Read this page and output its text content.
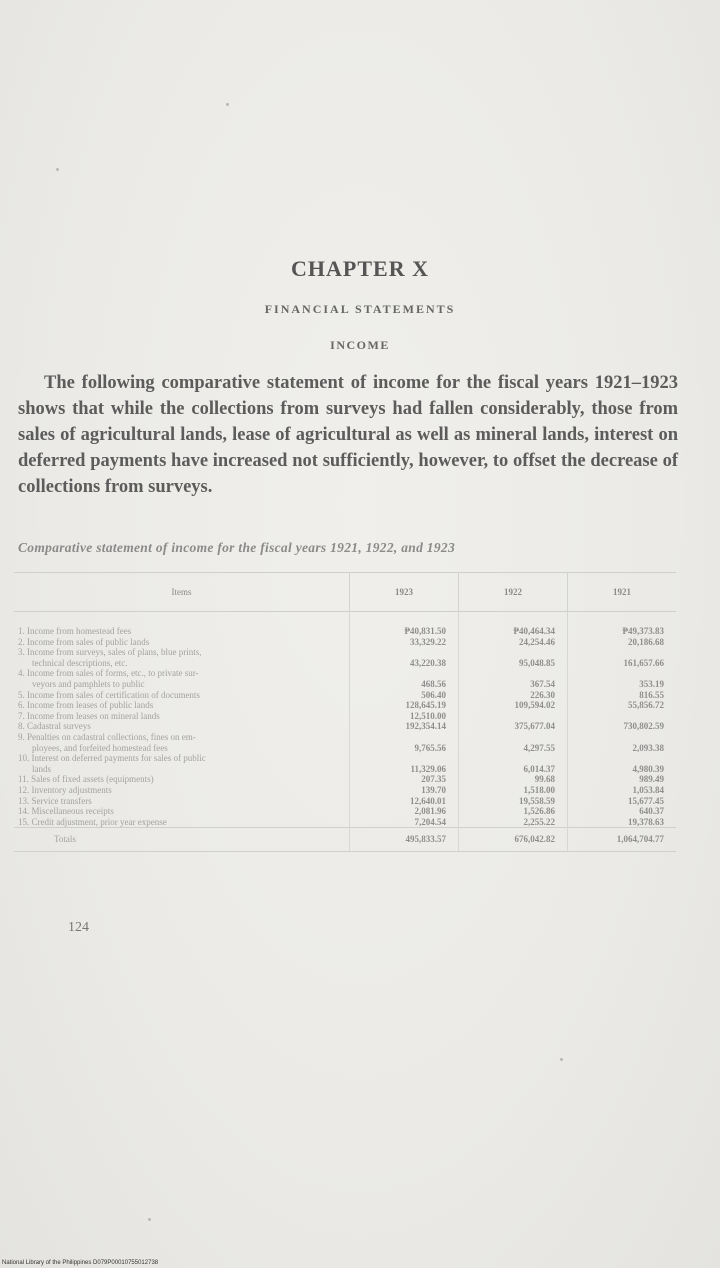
CHAPTER X
FINANCIAL STATEMENTS
INCOME
The following comparative statement of income for the fiscal years 1921–1923 shows that while the collections from surveys had fallen considerably, those from sales of agricultural lands, lease of agricultural as well as mineral lands, interest on deferred payments have increased not sufficiently, however, to offset the decrease of collections from surveys.
Comparative statement of income for the fiscal years 1921, 1922, and 1923
Items	1923	1922	1921

1. Income from homestead fees	₱40,831.50	₱40,464.34	₱49,373.83

2. Income from sales of public lands	33,329.22	24,254.46	20,186.68

3. Income from surveys, sales of plans, blue prints,
technical descriptions, etc.	43,220.38	95,048.85	161,657.66

4. Income from sales of forms, etc., to private sur-
veyors and pamphlets to public	468.56	367.54	353.19

5. Income from sales of certification of documents	506.40	226.30	816.55

6. Income from leases of public lands	128,645.19	109,594.02	55,856.72

7. Income from leases on mineral lands	12,510.00		

8. Cadastral surveys	192,354.14	375,677.04	730,802.59

9. Penalties on cadastral collections, fines on em-
ployees, and forfeited homestead fees	9,765.56	4,297.55	2,093.38

10. Interest on deferred payments for sales of public
lands	11,329.06	6,014.37	4,980.39

11. Sales of fixed assets (equipments)	207.35	99.68	989.49

12. Inventory adjustments	139.70	1,518.00	1,053.84

13. Service transfers	12,640.01	19,558.59	15,677.45

14. Miscellaneous receipts	2,081.96	1,526.86	640.37

15. Credit adjustment, prior year expense	7,204.54	2,255.22	19,378.63
Totals	495,833.57	676,042.82	1,064,704.77
124
National Library of the Philippines D079P00010755012738
